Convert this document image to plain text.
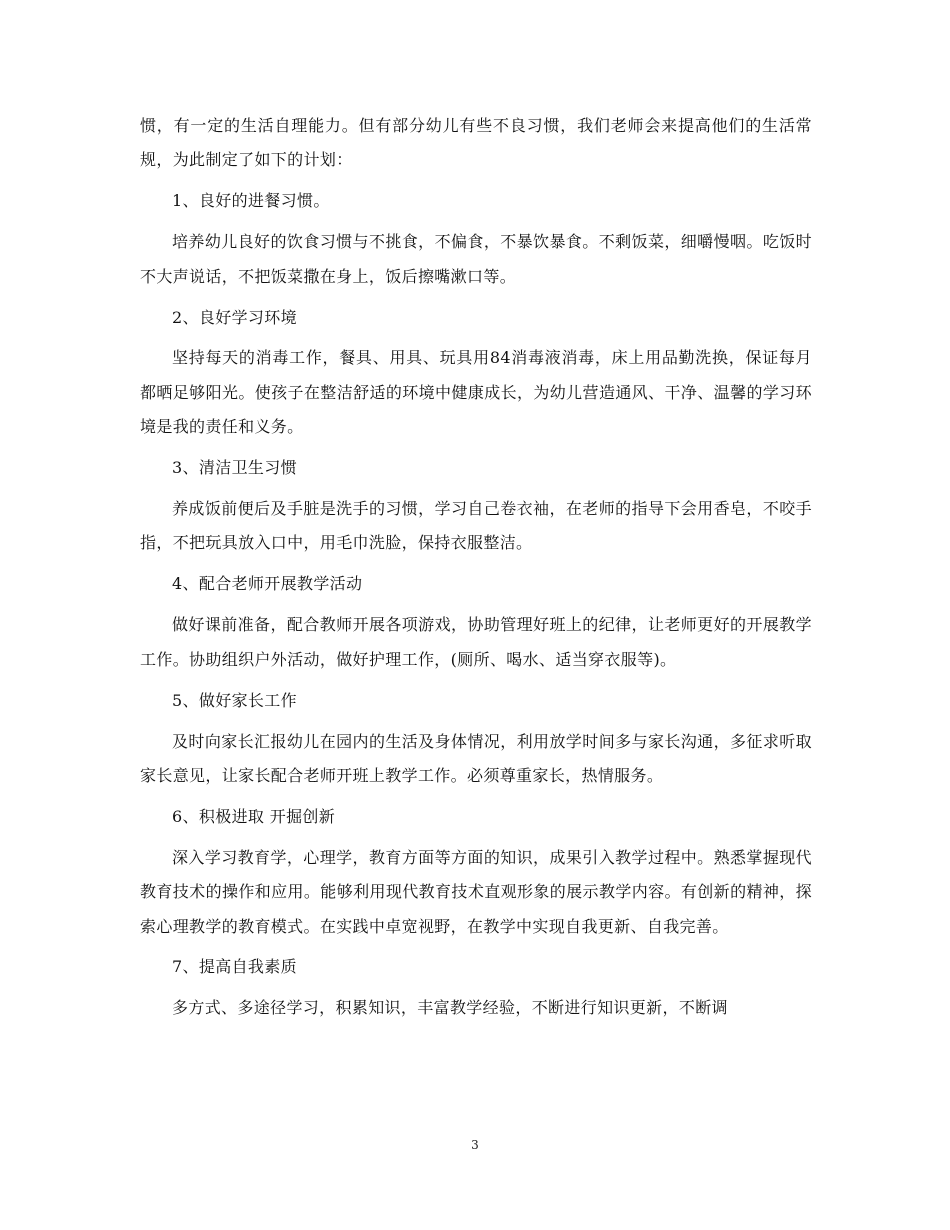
惯，有一定的生活自理能力。但有部分幼儿有些不良习惯，我们老师会来提高他们的生活常规，为此制定了如下的计划：

1、良好的进餐习惯。

培养幼儿良好的饮食习惯与不挑食，不偏食，不暴饮暴食。不剩饭菜，细嚼慢咽。吃饭时不大声说话，不把饭菜撒在身上，饭后擦嘴漱口等。

2、良好学习环境

坚持每天的消毒工作，餐具、用具、玩具用84消毒液消毒，床上用品勤洗换，保证每月都晒足够阳光。使孩子在整洁舒适的环境中健康成长，为幼儿营造通风、干净、温馨的学习环境是我的责任和义务。

3、清洁卫生习惯

养成饭前便后及手脏是洗手的习惯，学习自己卷衣袖，在老师的指导下会用香皂，不咬手指，不把玩具放入口中，用毛巾洗脸，保持衣服整洁。

4、配合老师开展教学活动

做好课前准备，配合教师开展各项游戏，协助管理好班上的纪律，让老师更好的开展教学工作。协助组织户外活动，做好护理工作，(厕所、喝水、适当穿衣服等)。

5、做好家长工作

及时向家长汇报幼儿在园内的生活及身体情况，利用放学时间多与家长沟通，多征求听取家长意见，让家长配合老师开班上教学工作。必须尊重家长，热情服务。

6、积极进取 开掘创新

深入学习教育学，心理学，教育方面等方面的知识，成果引入教学过程中。熟悉掌握现代教育技术的操作和应用。能够利用现代教育技术直观形象的展示教学内容。有创新的精神，探索心理教学的教育模式。在实践中卓宽视野，在教学中实现自我更新、自我完善。

7、提高自我素质

多方式、多途径学习，积累知识，丰富教学经验，不断进行知识更新，不断调

3
